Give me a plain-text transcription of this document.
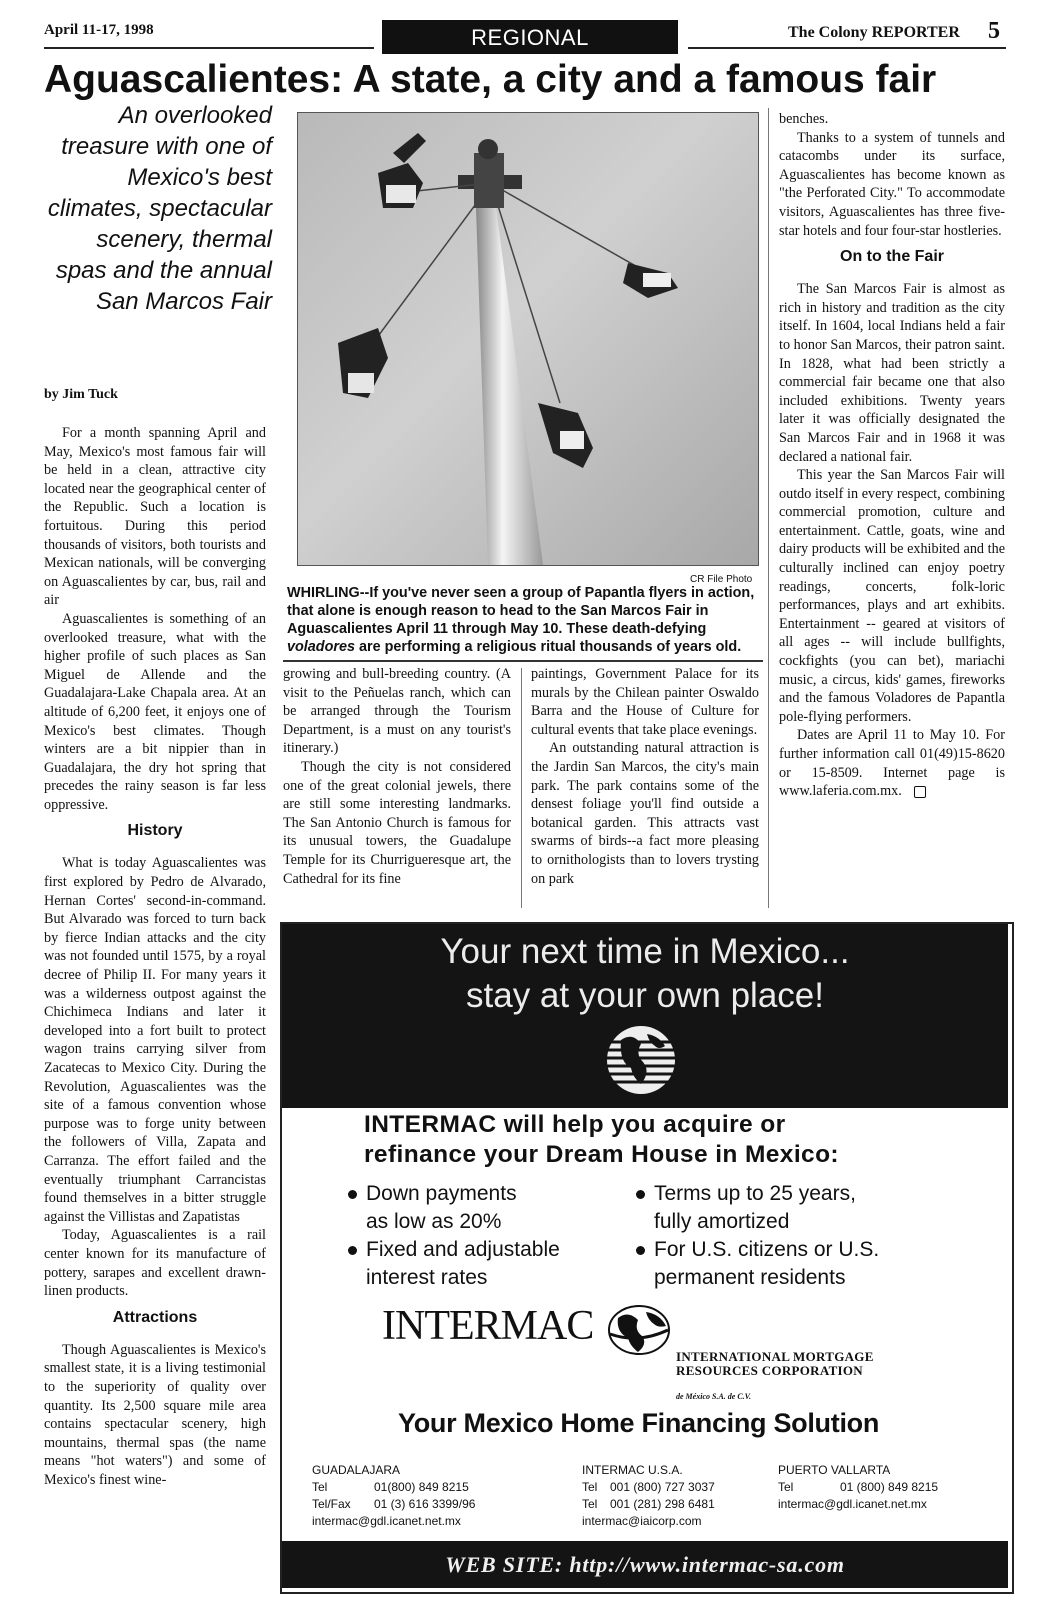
April 11-17, 1998	REGIONAL	The Colony REPORTER 5
Aguascalientes: A state, a city and a famous fair
An overlooked treasure with one of Mexico's best climates, spectacular scenery, thermal spas and the annual San Marcos Fair
by Jim Tuck

For a month spanning April and May, Mexico's most famous fair will be held in a clean, attractive city located near the geographical center of the Republic. Such a location is fortuitous. During this period thousands of visitors, both tourists and Mexican nationals, will be converging on Aguascalientes by car, bus, rail and air

Aguascalientes is something of an overlooked treasure, what with the higher profile of such places as San Miguel de Allende and the Guadalajara-Lake Chapala area. At an altitude of 6,200 feet, it enjoys one of Mexico's best climates. Though winters are a bit nippier than in Guadalajara, the dry hot spring that precedes the rainy season is far less oppressive.

History

What is today Aguascalientes was first explored by Pedro de Alvarado, Hernan Cortes' second-in-command. But Alvarado was forced to turn back by fierce Indian attacks and the city was not founded until 1575, by a royal decree of Philip II. For many years it was a wilderness outpost against the Chichimeca Indians and later it developed into a fort built to protect wagon trains carrying silver from Zacatecas to Mexico City. During the Revolution, Aguascalientes was the site of a famous convention whose purpose was to forge unity between the followers of Villa, Zapata and Carranza. The effort failed and the eventually triumphant Carrancistas found themselves in a bitter struggle against the Villistas and Zapatistas

Today, Aguascalientes is a rail center known for its manufacture of pottery, sarapes and excellent drawn-linen products.

Attractions

Though Aguascalientes is Mexico's smallest state, it is a living testimonial to the superiority of quality over quantity. Its 2,500 square mile area contains spectacular scenery, high mountains, thermal spas (the name means "hot waters") and some of Mexico's finest wine-

CR File Photo
WHIRLING--If you've never seen a group of Papantla flyers in action, that alone is enough reason to head to the San Marcos Fair in Aguascalientes April 11 through May 10. These death-defying voladores are performing a religious ritual thousands of years old.

growing and bull-breeding country. (A visit to the Peñuelas ranch, which can be arranged through the Tourism Department, is a must on any tourist's itinerary.)

Though the city is not considered one of the great colonial jewels, there are still some interesting landmarks. The San Antonio Church is famous for its unusual towers, the Guadalupe Temple for its Churrigueresque art, the Cathedral for its fine

paintings, Government Palace for its murals by the Chilean painter Oswaldo Barra and the House of Culture for cultural events that take place evenings.

An outstanding natural attraction is the Jardin San Marcos, the city's main park. The park contains some of the densest foliage you'll find outside a botanical garden. This attracts vast swarms of birds--a fact more pleasing to ornithologists than to lovers trysting on park

benches.

Thanks to a system of tunnels and catacombs under its surface, Aguascalientes has become known as "the Perforated City." To accommodate visitors, Aguascalientes has three five-star hotels and four four-star hostleries.

On to the Fair

The San Marcos Fair is almost as rich in history and tradition as the city itself. In 1604, local Indians held a fair to honor San Marcos, their patron saint. In 1828, what had been strictly a commercial fair became one that also included exhibitions. Twenty years later it was officially designated the San Marcos Fair and in 1968 it was declared a national fair.

This year the San Marcos Fair will outdo itself in every respect, combining commercial promotion, culture and entertainment. Cattle, goats, wine and dairy products will be exhibited and the culturally inclined can enjoy poetry readings, concerts, folk-loric performances, plays and art exhibits. Entertainment -- geared at visitors of all ages -- will include bullfights, cockfights (you can bet), mariachi music, a circus, kids' games, fireworks and the famous Voladores de Papantla pole-flying performers.

Dates are April 11 to May 10. For further information call 01(49)15-8620 or 15-8509. Internet page is www.laferia.com.mx.

Your next time in Mexico...
stay at your own place!
INTERMAC will help you acquire or
refinance your Dream House in Mexico:
Down payments
as low as 20%
Terms up to 25 years,
fully amortized
Fixed and adjustable
interest rates
For U.S. citizens or U.S.
permanent residents
INTERMAC
INTERNATIONAL MORTGAGE
RESOURCES CORPORATION
de México S.A. de C.V.
Your Mexico Home Financing Solution
GUADALAJARA
Tel	01(800) 849 8215
Tel/Fax 01 (3) 616 3399/96
intermac@gdl.icanet.net.mx
INTERMAC U.S.A.
Tel 001 (800) 727 3037
Tel 001 (281) 298 6481
intermac@iaicorp.com
PUERTO VALLARTA
Tel	01 (800) 849 8215
intermac@gdl.icanet.net.mx
WEB SITE: http://www.intermac-sa.com
